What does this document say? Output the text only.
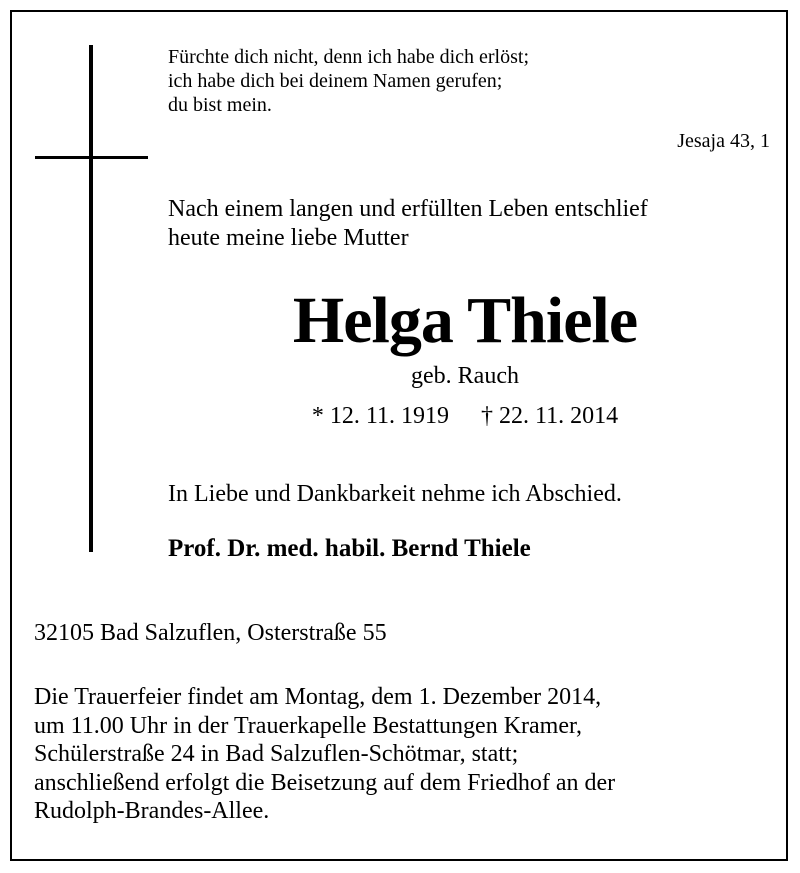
Fürchte dich nicht, denn ich habe dich erlöst;
ich habe dich bei deinem Namen gerufen;
du bist mein.
Jesaja 43, 1
Nach einem langen und erfüllten Leben entschlief
heute meine liebe Mutter
Helga Thiele
geb. Rauch
* 12. 11. 1919 † 22. 11. 2014
In Liebe und Dankbarkeit nehme ich Abschied.
Prof. Dr. med. habil. Bernd Thiele
32105 Bad Salzuflen, Osterstraße 55
Die Trauerfeier findet am Montag, dem 1. Dezember 2014,
um 11.00 Uhr in der Trauerkapelle Bestattungen Kramer,
Schülerstraße 24 in Bad Salzuflen-Schötmar, statt;
anschließend erfolgt die Beisetzung auf dem Friedhof an der
Rudolph-Brandes-Allee.
